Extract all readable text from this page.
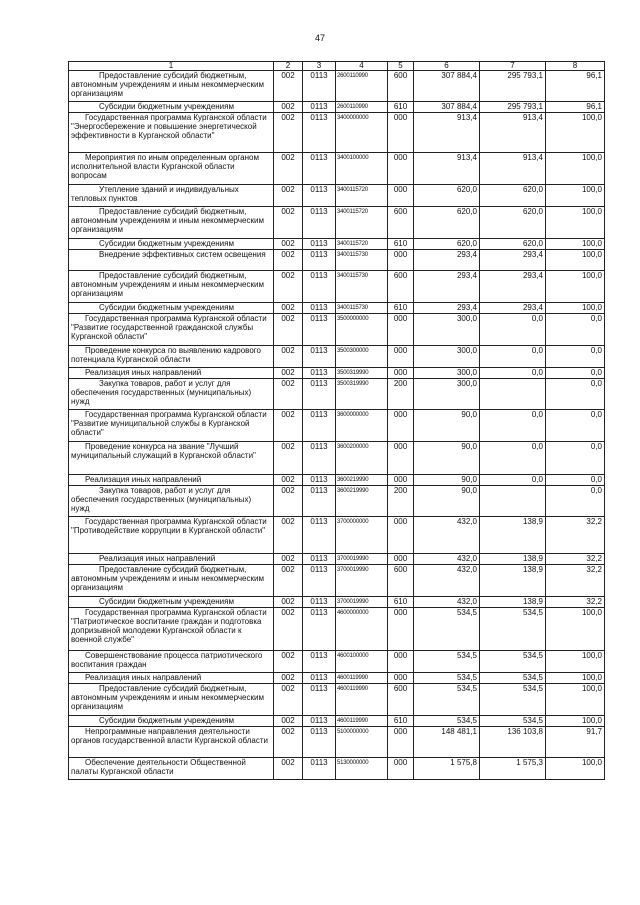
47
1	2	3	4	5	6	7	8
Предоставление субсидий бюджетным, автономным учреждениям и иным некоммерческим организациям	002	0113	2600110990	600	307 884,4	295 793,1	96,1
Субсидии бюджетным учреждениям	002	0113	2600110990	610	307 884,4	295 793,1	96,1
Государственная программа Курганской области "Энергосбережение и повышение энергетической эффективности в Курганской области"	002	0113	3400000000	000	913,4	913,4	100,0
Мероприятия по иным определенным органом исполнительной власти Курганской области вопросам	002	0113	3400100000	000	913,4	913,4	100,0
Утепление зданий и индивидуальных тепловых пунктов	002	0113	3400115720	000	620,0	620,0	100,0
Предоставление субсидий бюджетным, автономным учреждениям и иным некоммерческим организациям	002	0113	3400115720	600	620,0	620,0	100,0
Субсидии бюджетным учреждениям	002	0113	3400115720	610	620,0	620,0	100,0
Внедрение эффективных систем освещения	002	0113	3400115730	000	293,4	293,4	100,0
Предоставление субсидий бюджетным, автономным учреждениям и иным некоммерческим организациям	002	0113	3400115730	600	293,4	293,4	100,0
Субсидии бюджетным учреждениям	002	0113	3400115730	610	293,4	293,4	100,0
Государственная программа Курганской области "Развитие государственной гражданской службы Курганской области"	002	0113	3500000000	000	300,0	0,0	0,0
Проведение конкурса по выявлению кадрового потенциала Курганской области	002	0113	3500300000	000	300,0	0,0	0,0
Реализация иных направлений	002	0113	3500319990	000	300,0	0,0	0,0
Закупка товаров, работ и услуг для обеспечения государственных (муниципальных) нужд	002	0113	3500319990	200	300,0		0,0
Государственная программа Курганской области "Развитие муниципальной службы в Курганской области"	002	0113	3600000000	000	90,0	0,0	0,0
Проведение конкурса на звание "Лучший муниципальный служащий в Курганской области"	002	0113	3600200000	000	90,0	0,0	0,0
Реализация иных направлений	002	0113	3600219990	000	90,0	0,0	0,0
Закупка товаров, работ и услуг для обеспечения государственных (муниципальных) нужд	002	0113	3600219990	200	90,0		0,0
Государственная программа Курганской области "Противодействие коррупции в Курганской области"	002	0113	3700000000	000	432,0	138,9	32,2
Реализация иных направлений	002	0113	3700019990	000	432,0	138,9	32,2
Предоставление субсидий бюджетным, автономным учреждениям и иным некоммерческим организациям	002	0113	3700019990	600	432,0	138,9	32,2
Субсидии бюджетным учреждениям	002	0113	3700019990	610	432,0	138,9	32,2
Государственная программа Курганской области "Патриотическое воспитание граждан и подготовка допризывной молодежи Курганской области к военной службе"	002	0113	4600000000	000	534,5	534,5	100,0
Совершенствование процесса патриотического воспитания граждан	002	0113	4600100000	000	534,5	534,5	100,0
Реализация иных направлений	002	0113	4600119990	000	534,5	534,5	100,0
Предоставление субсидий бюджетным, автономным учреждениям и иным некоммерческим организациям	002	0113	4600119990	600	534,5	534,5	100,0
Субсидии бюджетным учреждениям	002	0113	4600119990	610	534,5	534,5	100,0
Непрограммные направления деятельности органов государственной власти Курганской области	002	0113	5100000000	000	148 481,1	136 103,8	91,7
Обеспечение деятельности Общественной палаты Курганской области	002	0113	5130000000	000	1 575,8	1 575,3	100,0
